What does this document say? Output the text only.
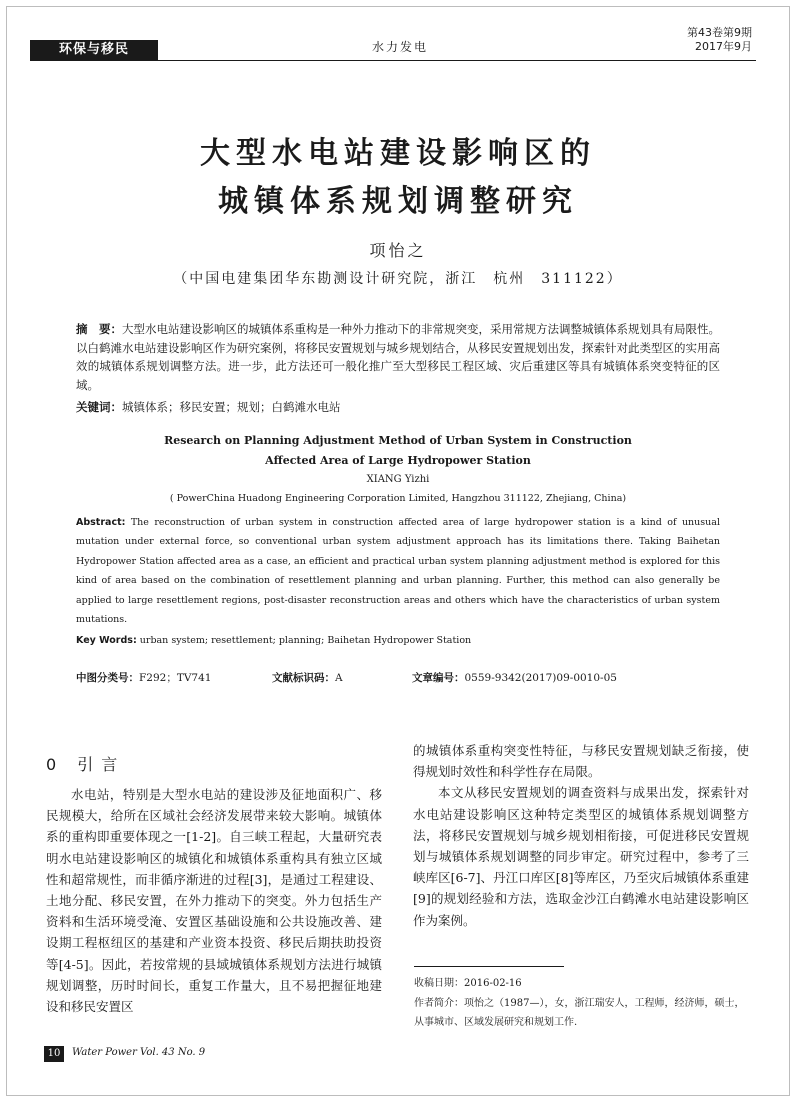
环保与移民	水力发电
第43卷第9期
2017年9月
大型水电站建设影响区的
城镇体系规划调整研究
项怡之
（中国电建集团华东勘测设计研究院，浙江　杭州　311122）
摘　要：大型水电站建设影响区的城镇体系重构是一种外力推动下的非常规突变，采用常规方法调整城镇体系规划具有局限性。以白鹤滩水电站建设影响区作为研究案例，将移民安置规划与城乡规划结合，从移民安置规划出发，探索针对此类型区的实用高效的城镇体系规划调整方法。进一步，此方法还可一般化推广至大型移民工程区域、灾后重建区等具有城镇体系突变特征的区域。
关键词：城镇体系；移民安置；规划；白鹤滩水电站
Research on Planning Adjustment Method of Urban System in Construction
Affected Area of Large Hydropower Station
XIANG Yizhi
( PowerChina Huadong Engineering Corporation Limited, Hangzhou 311122, Zhejiang, China)
Abstract: The reconstruction of urban system in construction affected area of large hydropower station is a kind of unusual mutation under external force, so conventional urban system adjustment approach has its limitations there. Taking Baihetan Hydropower Station affected area as a case, an efficient and practical urban system planning adjustment method is explored for this kind of area based on the combination of resettlement planning and urban planning. Further, this method can also generally be applied to large resettlement regions, post-disaster reconstruction areas and others which have the characteristics of urban system mutations.
Key Words: urban system; resettlement; planning; Baihetan Hydropower Station
中图分类号：F292；TV741	文献标识码：A	文章编号：0559-9342(2017)09-0010-05
0 引言

水电站，特别是大型水电站的建设涉及征地面积广、移民规模大，给所在区域社会经济发展带来较大影响。城镇体系的重构即重要体现之一[1-2]。自三峡工程起，大量研究表明水电站建设影响区的城镇化和城镇体系重构具有独立区域性和超常规性，而非循序渐进的过程[3]，是通过工程建设、土地分配、移民安置，在外力推动下的突变。外力包括生产资料和生活环境受淹、安置区基础设施和公共设施改善、建设期工程枢纽区的基建和产业资本投资、移民后期扶助投资等[4-5]。因此，若按常规的县域城镇体系规划方法进行城镇规划调整，历时时间长，重复工作量大，且不易把握征地建设和移民安置区

的城镇体系重构突变性特征，与移民安置规划缺乏衔接，使得规划时效性和科学性存在局限。

本文从移民安置规划的调查资料与成果出发，探索针对水电站建设影响区这种特定类型区的城镇体系规划调整方法，将移民安置规划与城乡规划相衔接，可促进移民安置规划与城镇体系规划调整的同步审定。研究过程中，参考了三峡库区[6-7]、丹江口库区[8]等库区，乃至灾后城镇体系重建[9]的规划经验和方法，选取金沙江白鹤滩水电站建设影响区作为案例。

收稿日期：2016-02-16
作者简介：项怡之（1987—），女，浙江瑞安人，工程师，经济师，硕士，从事城市、区域发展研究和规划工作.
10	Water Power Vol. 43 No. 9
